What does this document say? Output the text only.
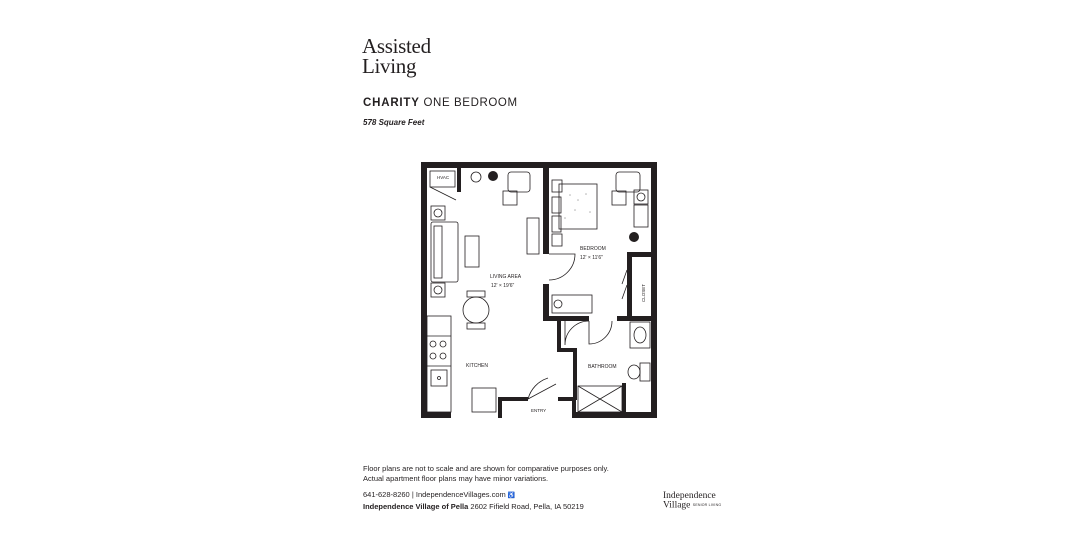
Assisted
Living
CHARITY ONE BEDROOM
578 Square Feet
HVAC
LIVING AREA
12' × 19'6"
KITCHEN
ENTRY
BEDROOM
12' × 11'6"
CLOSET
BATHROOM
Floor plans are not to scale and are shown for comparative purposes only.
Actual apartment floor plans may have minor variations.
641-628-8260 | IndependenceVillages.com ♿
Independence Village of Pella 2602 Fifield Road, Pella, IA 50219
Independence
Village SENIOR LIVING
